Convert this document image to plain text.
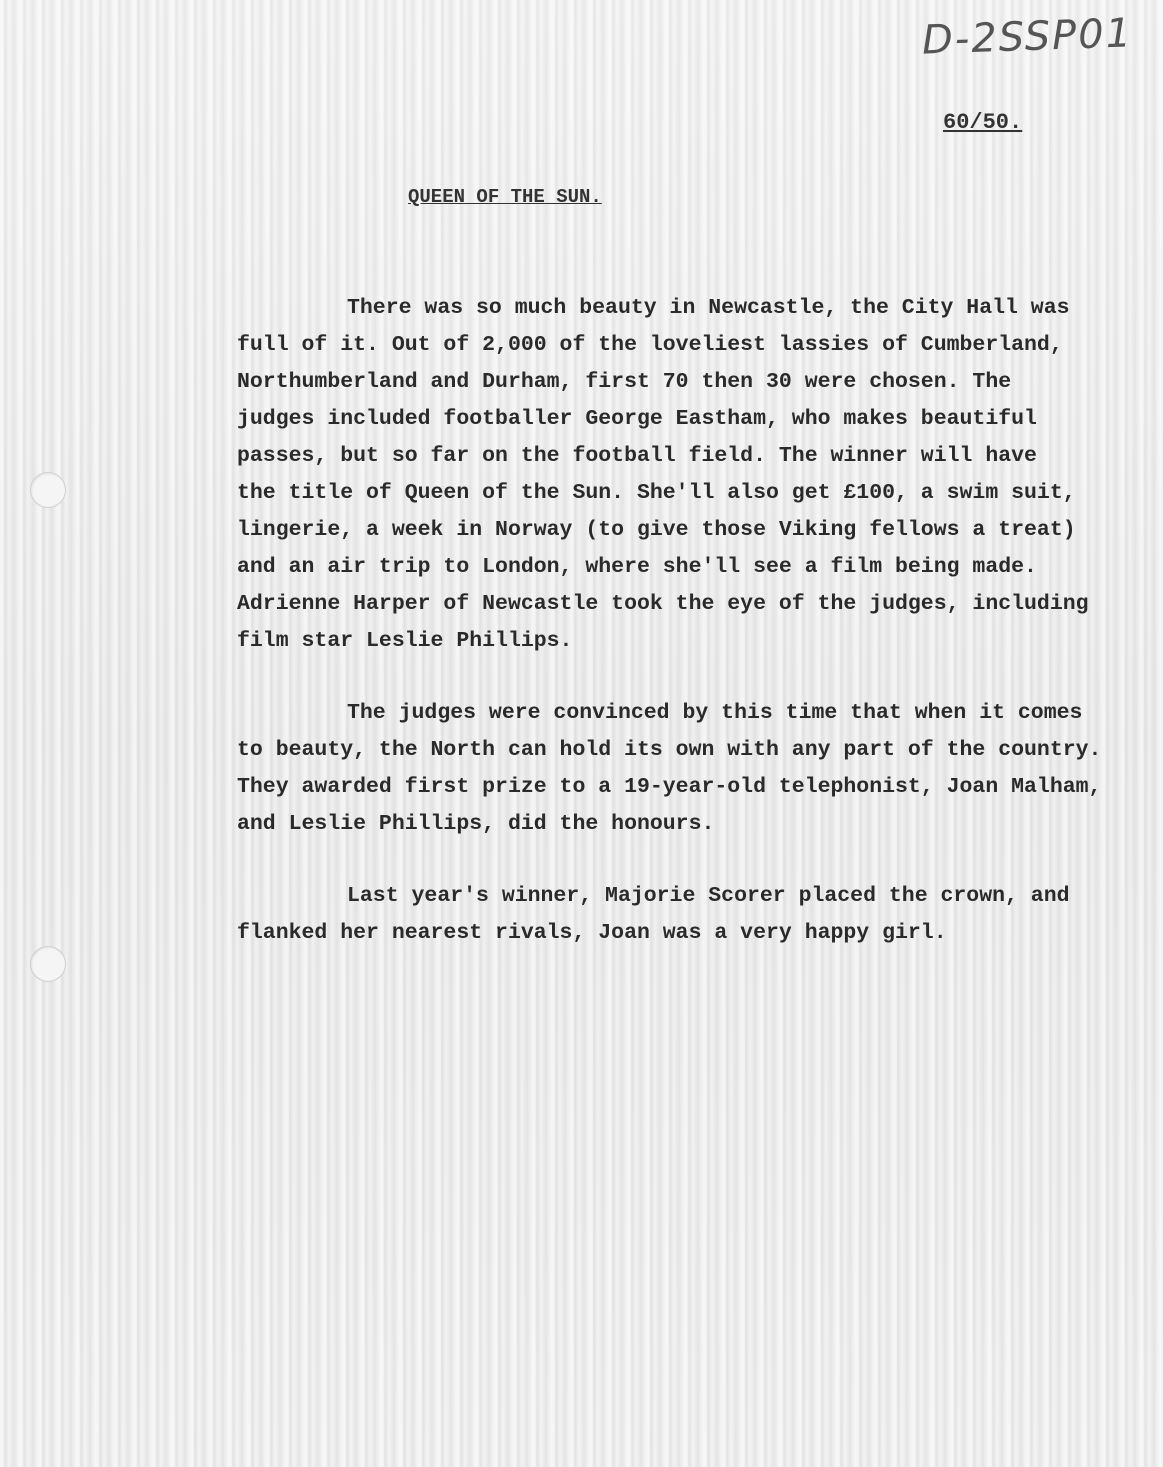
D-2SSP01
60/50.
QUEEN OF THE SUN.

There was so much beauty in Newcastle, the City Hall was
full of it. Out of 2,000 of the loveliest lassies of Cumberland,
Northumberland and Durham, first 70 then 30 were chosen. The
judges included footballer George Eastham, who makes beautiful
passes, but so far on the football field. The winner will have
the title of Queen of the Sun. She'll also get £100, a swim suit,
lingerie, a week in Norway (to give those Viking fellows a treat)
and an air trip to London, where she'll see a film being made.
Adrienne Harper of Newcastle took the eye of the judges, including
film star Leslie Phillips.

The judges were convinced by this time that when it comes
to beauty, the North can hold its own with any part of the country.
They awarded first prize to a 19-year-old telephonist, Joan Malham,
and Leslie Phillips, did the honours.

Last year's winner, Majorie Scorer placed the crown, and
flanked her nearest rivals, Joan was a very happy girl.
